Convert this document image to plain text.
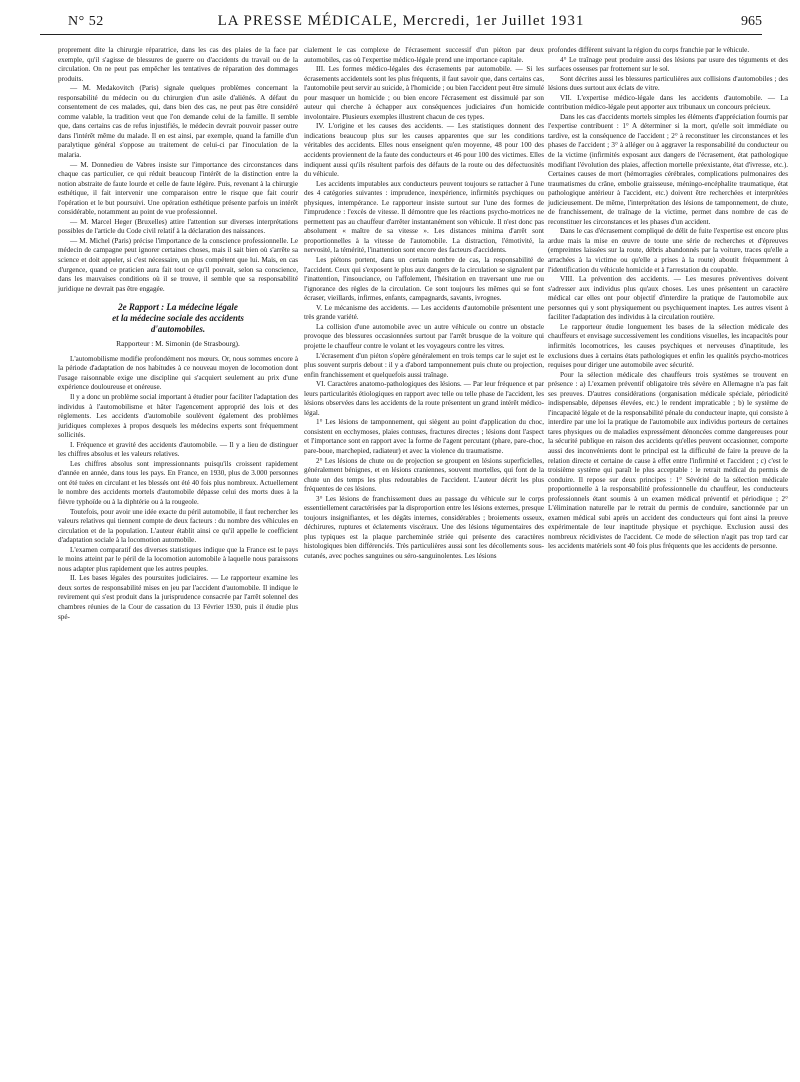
N° 52	LA PRESSE MÉDICALE, Mercredi, 1er Juillet 1931	965

proprement dite la chirurgie réparatrice, dans les cas des plaies de la face par exemple, qu'il s'agisse de blessures de guerre ou d'accidents du travail ou de la circulation. On ne peut pas empêcher les tentatives de réparation des dommages produits.

— M. Medakovitch (Paris) signale quelques problèmes concernant la responsabilité du médecin ou du chirurgien d'un asile d'aliénés. A défaut du consentement de ces malades, qui, dans bien des cas, ne peut pas être considéré comme valable, la tradition veut que l'on demande celui de la famille. Il semble que, dans certains cas de refus injustifiés, le médecin devrait pouvoir passer outre dans l'intérêt même du malade. Il en est ainsi, par exemple, quand la famille d'un paralytique général s'oppose au traitement de celui-ci par l'inoculation de la malaria.

— M. Donnedieu de Vabres insiste sur l'importance des circonstances dans chaque cas particulier, ce qui réduit beaucoup l'intérêt de la distinction entre la notion abstraite de faute lourde et celle de faute légère. Puis, revenant à la chirurgie esthétique, il fait intervenir une comparaison entre le risque que fait courir l'opération et le but poursuivi. Une opération esthétique présente parfois un intérêt considérable, notamment au point de vue professionnel.

— M. Marcel Heger (Bruxelles) attire l'attention sur diverses interprétations possibles de l'article du Code civil relatif à la déclaration des naissances.

— M. Michel (Paris) précise l'importance de la conscience professionnelle. Le médecin de campagne peut ignorer certaines choses, mais il sait bien où s'arrête sa science et doit appeler, si c'est nécessaire, un plus compétent que lui. Mais, en cas d'urgence, quand ce praticien aura fait tout ce qu'il pouvait, selon sa conscience, dans les mauvaises conditions où il se trouve, il semble que sa responsabilité juridique ne devrait pas être engagée.

2e Rapport : La médecine légale
et la médecine sociale des accidents
d'automobiles.
Rapporteur : M. Simonin (de Strasbourg).

L'automobilisme modifie profondément nos mœurs. Or, nous sommes encore à la période d'adaptation de nos habitudes à ce nouveau moyen de locomotion dont l'usage raisonnable exige une discipline qui s'acquiert seulement au prix d'une expérience douloureuse et onéreuse.

Il y a donc un problème social important à étudier pour faciliter l'adaptation des individus à l'automobilisme et hâter l'agencement approprié des lois et des règlements. Les accidents d'automobile soulèvent également des problèmes juridiques complexes à propos desquels les médecins experts sont fréquemment sollicités.

I. Fréquence et gravité des accidents d'automobile. — Il y a lieu de distinguer les chiffres absolus et les valeurs relatives.

Les chiffres absolus sont impressionnants puisqu'ils croissent rapidement d'année en année, dans tous les pays. En France, en 1930, plus de 3.000 personnes ont été tuées en circulant et les blessés ont été 40 fois plus nombreux. Actuellement le nombre des accidents mortels d'automobile dépasse celui des morts dues à la fièvre typhoïde ou à la diphtérie ou à la rougeole.

Toutefois, pour avoir une idée exacte du péril automobile, il faut rechercher les valeurs relatives qui tiennent compte de deux facteurs : du nombre des véhicules en circulation et de la population. L'auteur établit ainsi ce qu'il appelle le coefficient d'adaptation sociale à la locomotion automobile.

L'examen comparatif des diverses statistiques indique que la France est le pays le moins atteint par le péril de la locomotion automobile à laquelle nous paraissons nous adapter plus rapidement que les autres peuples.

II. Les bases légales des poursuites judiciaires. — Le rapporteur examine les deux sortes de responsabilité mises en jeu par l'accident d'automobile. Il indique le revirement qui s'est produit dans la jurisprudence consacrée par l'arrêt solennel des chambres réunies de la Cour de cassation du 13 Février 1930, puis il étudie plus spé-

cialement le cas complexe de l'écrasement successif d'un piéton par deux automobiles, cas où l'expertise médico-légale prend une importance capitale.

III. Les formes médico-légales des écrasements par automobile. — Si les écrasements accidentels sont les plus fréquents, il faut savoir que, dans certains cas, l'automobile peut servir au suicide, à l'homicide ; ou bien l'accident peut être simulé pour masquer un homicide ; ou bien encore l'écrasement est dissimulé par son auteur qui cherche à échapper aux conséquences judiciaires d'un homicide involontaire. Plusieurs exemples illustrent chacun de ces types.

IV. L'origine et les causes des accidents. — Les statistiques donnent des indications beaucoup plus sur les causes apparentes que sur les conditions véritables des accidents. Elles nous enseignent qu'en moyenne, 48 pour 100 des accidents proviennent de la faute des conducteurs et 46 pour 100 des victimes. Elles indiquent aussi qu'ils résultent parfois des défauts de la route ou des défectuosités du véhicule.

Les accidents imputables aux conducteurs peuvent toujours se rattacher à l'une des 4 catégories suivantes : imprudence, inexpérience, infirmités psychiques ou physiques, intempérance. Le rapporteur insiste surtout sur l'une des formes de l'imprudence : l'excès de vitesse. Il démontre que les réactions psycho-motrices ne permettent pas au chauffeur d'arrêter instantanément son véhicule. Il n'est donc pas absolument « maître de sa vitesse ». Les distances minima d'arrêt sont proportionnelles à la vitesse de l'automobile. La distraction, l'émotivité, la nervosité, la témérité, l'inattention sont encore des facteurs d'accidents.

Les piétons portent, dans un certain nombre de cas, la responsabilité de l'accident. Ceux qui s'exposent le plus aux dangers de la circulation se signalent par l'inattention, l'insouciance, ou l'affolement, l'hésitation en traversant une rue ou l'ignorance des règles de la circulation. Ce sont toujours les mêmes qui se font écraser, vieillards, infirmes, enfants, campagnards, savants, ivrognes.

V. Le mécanisme des accidents. — Les accidents d'automobile présentent une très grande variété.

La collision d'une automobile avec un autre véhicule ou contre un obstacle provoque des blessures occasionnées surtout par l'arrêt brusque de la voiture qui projette le chauffeur contre le volant et les voyageurs contre les vitres.

L'écrasement d'un piéton s'opère généralement en trois temps car le sujet est le plus souvent surpris debout : il y a d'abord tamponnement puis chute ou projection, enfin franchissement et quelquefois aussi traînage.

VI. Caractères anatomo-pathologiques des lésions. — Par leur fréquence et par leurs particularités étiologiques en rapport avec telle ou telle phase de l'accident, les lésions observées dans les accidents de la route présentent un grand intérêt médico-légal.

1° Les lésions de tamponnement, qui siègent au point d'application du choc, consistent en ecchymoses, plaies contuses, fractures directes ; lésions dont l'aspect et l'importance sont en rapport avec la forme de l'agent percutant (phare, pare-choc, pare-boue, marchepied, radiateur) et avec la violence du traumatisme.

2° Les lésions de chute ou de projection se groupent en lésions superficielles, généralement bénignes, et en lésions craniennes, souvent mortelles, qui font de la chute un des temps les plus redoutables de l'accident. L'auteur décrit les plus fréquentes de ces lésions.

3° Les lésions de franchissement dues au passage du véhicule sur le corps essentiellement caractérisées par la disproportion entre les lésions externes, presque toujours insignifiantes, et les dégâts internes, considérables ; broiements osseux, déchirures, ruptures et éclatements viscéraux. Une des lésions tégumentaires des plus typiques est la plaque parcheminée striée qui présente des caractères histologiques bien différenciés. Très particulières aussi sont les décollements sous-cutanés, avec poches sanguines ou séro-sanguinolentes. Les lésions

profondes diffèrent suivant la région du corps franchie par le véhicule.

4° Le traînage peut produire aussi des lésions par usure des téguments et des surfaces osseuses par frottement sur le sol.

Sont décrites aussi les blessures particulières aux collisions d'automobiles ; des lésions dues surtout aux éclats de vitre.

VII. L'expertise médico-légale dans les accidents d'automobile. — La contribution médico-légale peut apporter aux tribunaux un concours précieux.

Dans les cas d'accidents mortels simples les éléments d'appréciation fournis par l'expertise contribuent : 1° A déterminer si la mort, qu'elle soit immédiate ou tardive, est la conséquence de l'accident ; 2° à reconstituer les circonstances et les phases de l'accident ; 3° à alléger ou à aggraver la responsabilité du conducteur ou de la victime (infirmités exposant aux dangers de l'écrasement, état pathologique modifiant l'évolution des plaies, affection mortelle préexistante, état d'ivresse, etc.). Certaines causes de mort (hémorragies cérébrales, complications pulmonaires des traumatismes du crâne, embolie graisseuse, méningo-encéphalite traumatique, état pathologique antérieur à l'accident, etc.) doivent être recherchées et interprétées judicieusement. De même, l'interprétation des lésions de tamponnement, de chute, de franchissement, de traînage de la victime, permet dans nombre de cas de reconstituer les circonstances et les phases d'un accident.

Dans le cas d'écrasement compliqué de délit de fuite l'expertise est encore plus ardue mais la mise en œuvre de toute une série de recherches et d'épreuves (empreintes laissées sur la route, débris abandonnés par la voiture, traces qu'elle a arrachées à la victime ou qu'elle a prises à la route) aboutit fréquemment à l'identification du véhicule homicide et à l'arrestation du coupable.

VIII. La prévention des accidents. — Les mesures préventives doivent s'adresser aux individus plus qu'aux choses. Les unes présentent un caractère médical car elles ont pour objectif d'interdire la pratique de l'automobile aux personnes qui y sont physiquement ou psychiquement inaptes. Les autres visent à faciliter l'adaptation des individus à la circulation routière.

Le rapporteur étudie longuement les bases de la sélection médicale des chauffeurs et envisage successivement les conditions visuelles, les incapacités pour infirmités locomotrices, les causes psychiques et nerveuses d'inaptitude, les exclusions dues à certains états pathologiques et enfin les qualités psycho-motrices requises pour diriger une automobile avec sécurité.

Pour la sélection médicale des chauffeurs trois systèmes se trouvent en présence : a) L'examen préventif obligatoire très sévère en Allemagne n'a pas fait ses preuves. D'autres considérations (organisation médicale spéciale, périodicité indispensable, dépenses élevées, etc.) le rendent impraticable ; b) le système de l'incapacité légale et de la responsabilité pénale du conducteur inapte, qui consiste à interdire par une loi la pratique de l'automobile aux individus porteurs de certaines tares physiques ou de maladies expressément dénoncées comme dangereuses pour la sécurité publique en raison des accidents qu'elles peuvent occasionner, comporte aussi des inconvénients dont le principal est la difficulté de faire la preuve de la relation directe et certaine de cause à effet entre l'infirmité et l'accident ; c) c'est le troisième système qui paraît le plus acceptable : le retrait médical du permis de conduire. Il repose sur deux principes : 1° Sévérité de la sélection médicale proportionnelle à la responsabilité professionnelle du chauffeur, les conducteurs professionnels étant soumis à un examen médical préventif et périodique ; 2° L'élimination naturelle par le retrait du permis de conduire, sanctionnée par un examen médical subi après un accident des conducteurs qui font ainsi la preuve expérimentale de leur inaptitude physique et psychique. Exclusion aussi des nombreux récidivistes de l'accident. Ce mode de sélection n'agit pas trop tard car les accidents matériels sont 40 fois plus fréquents que les accidents de personne.
